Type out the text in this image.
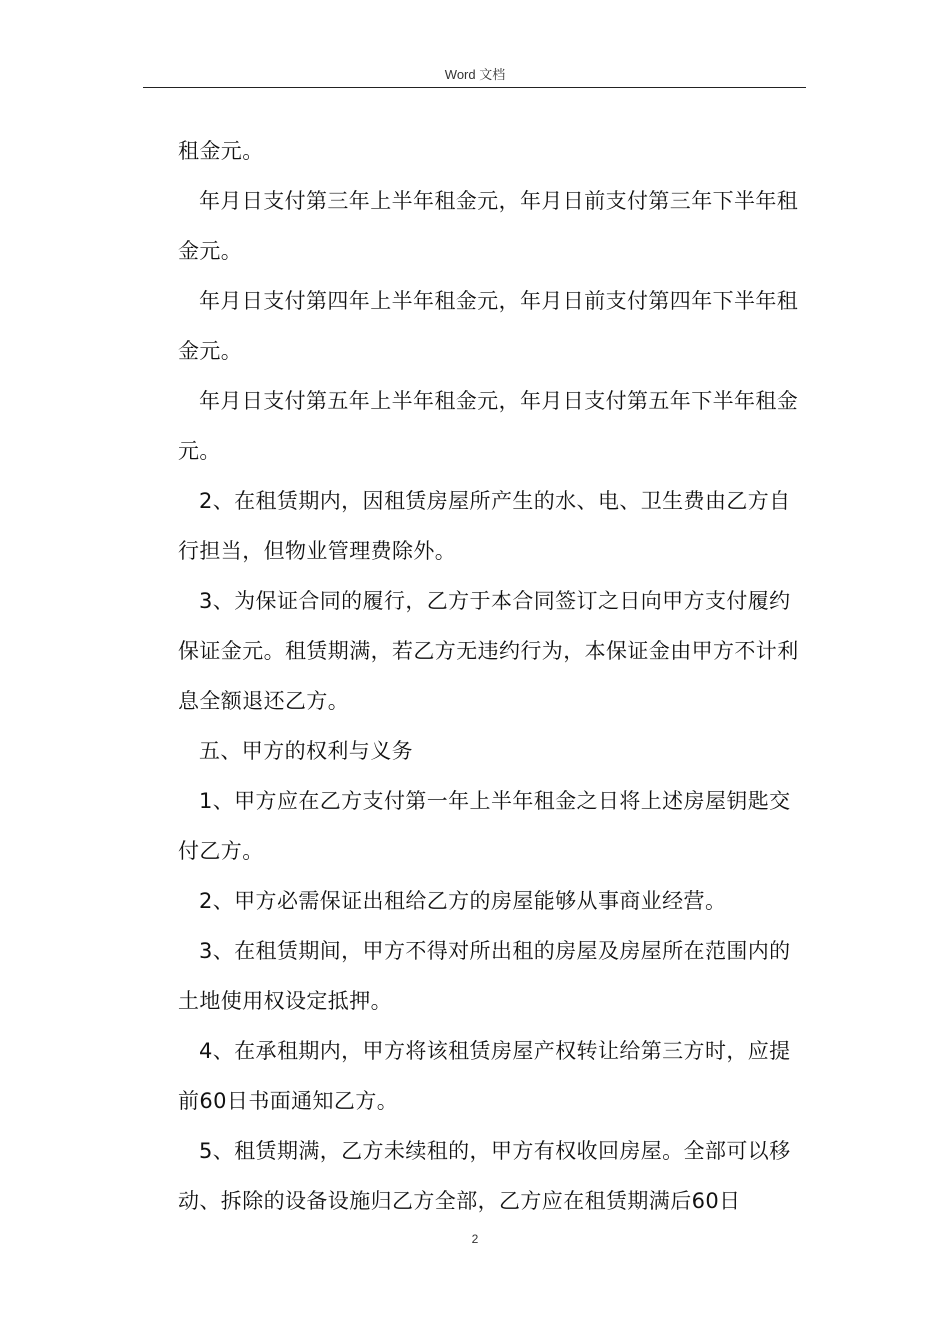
Word 文档

租金元。

年月日支付第三年上半年租金元，年月日前支付第三年下半年租金元。

年月日支付第四年上半年租金元，年月日前支付第四年下半年租金元。

年月日支付第五年上半年租金元，年月日支付第五年下半年租金元。

2、在租赁期内，因租赁房屋所产生的水、电、卫生费由乙方自行担当，但物业管理费除外。

3、为保证合同的履行，乙方于本合同签订之日向甲方支付履约保证金元。租赁期满，若乙方无违约行为，本保证金由甲方不计利息全额退还乙方。

五、甲方的权利与义务

1、甲方应在乙方支付第一年上半年租金之日将上述房屋钥匙交付乙方。

2、甲方必需保证出租给乙方的房屋能够从事商业经营。

3、在租赁期间，甲方不得对所出租的房屋及房屋所在范围内的土地使用权设定抵押。

4、在承租期内，甲方将该租赁房屋产权转让给第三方时，应提前60日书面通知乙方。

5、租赁期满，乙方未续租的，甲方有权收回房屋。全部可以移动、拆除的设备设施归乙方全部，乙方应在租赁期满后60日

2
